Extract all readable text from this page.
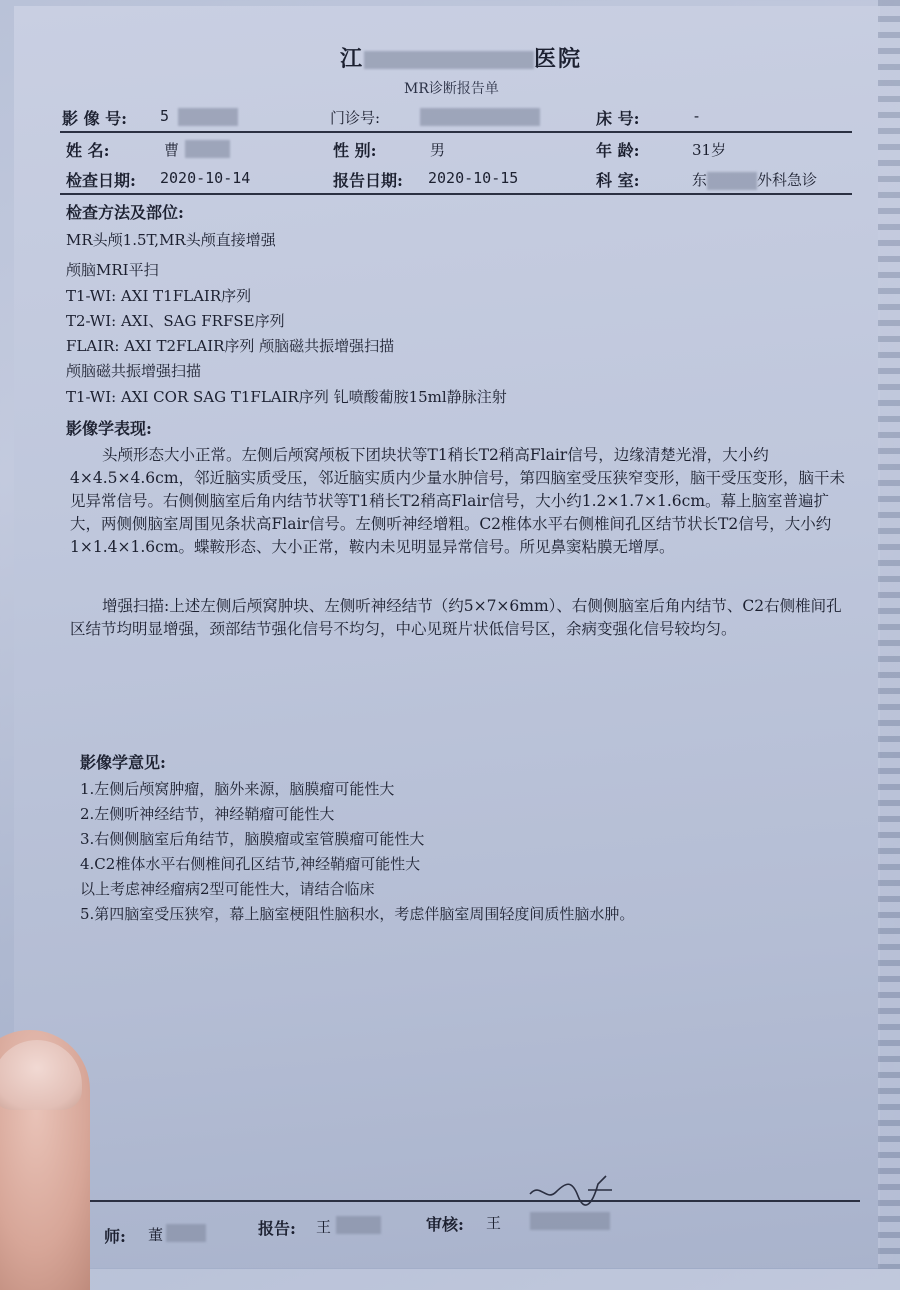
江	医院
MR诊断报告单
影 像 号: 5	门诊号:	床 号:	-
姓 名:	曹	性 别:	男	年 龄:	31岁
检查日期: 2020-10-14	报告日期: 2020-10-15	科 室:	东	外科急诊
检查方法及部位:
MR头颅1.5T,MR头颅直接增强
颅脑MRI平扫
T1-WI: AXI T1FLAIR序列
T2-WI: AXI、SAG FRFSE序列
FLAIR: AXI T2FLAIR序列 颅脑磁共振增强扫描
颅脑磁共振增强扫描
T1-WI: AXI COR SAG T1FLAIR序列 钆喷酸葡胺15ml静脉注射
影像学表现:
头颅形态大小正常。左侧后颅窝颅板下团块状等T1稍长T2稍高Flair信号，边缘清楚光滑，大小约4×4.5×4.6cm，邻近脑实质受压，邻近脑实质内少量水肿信号，第四脑室受压狭窄变形，脑干受压变形，脑干未见异常信号。右侧侧脑室后角内结节状等T1稍长T2稍高Flair信号，大小约1.2×1.7×1.6cm。幕上脑室普遍扩大，两侧侧脑室周围见条状高Flair信号。左侧听神经增粗。C2椎体水平右侧椎间孔区结节状长T2信号，大小约1×1.4×1.6cm。蝶鞍形态、大小正常，鞍内未见明显异常信号。所见鼻窦粘膜无增厚。
增强扫描:上述左侧后颅窝肿块、左侧听神经结节（约5×7×6mm）、右侧侧脑室后角内结节、C2右侧椎间孔区结节均明显增强，颈部结节强化信号不均匀，中心见斑片状低信号区，余病变强化信号较均匀。
影像学意见:
1.左侧后颅窝肿瘤，脑外来源，脑膜瘤可能性大
2.左侧听神经结节，神经鞘瘤可能性大
3.右侧侧脑室后角结节，脑膜瘤或室管膜瘤可能性大
4.C2椎体水平右侧椎间孔区结节,神经鞘瘤可能性大
以上考虑神经瘤病2型可能性大，请结合临床
5.第四脑室受压狭窄，幕上脑室梗阻性脑积水，考虑伴脑室周围轻度间质性脑水肿。
师: 董	报告: 王	审核: 王
